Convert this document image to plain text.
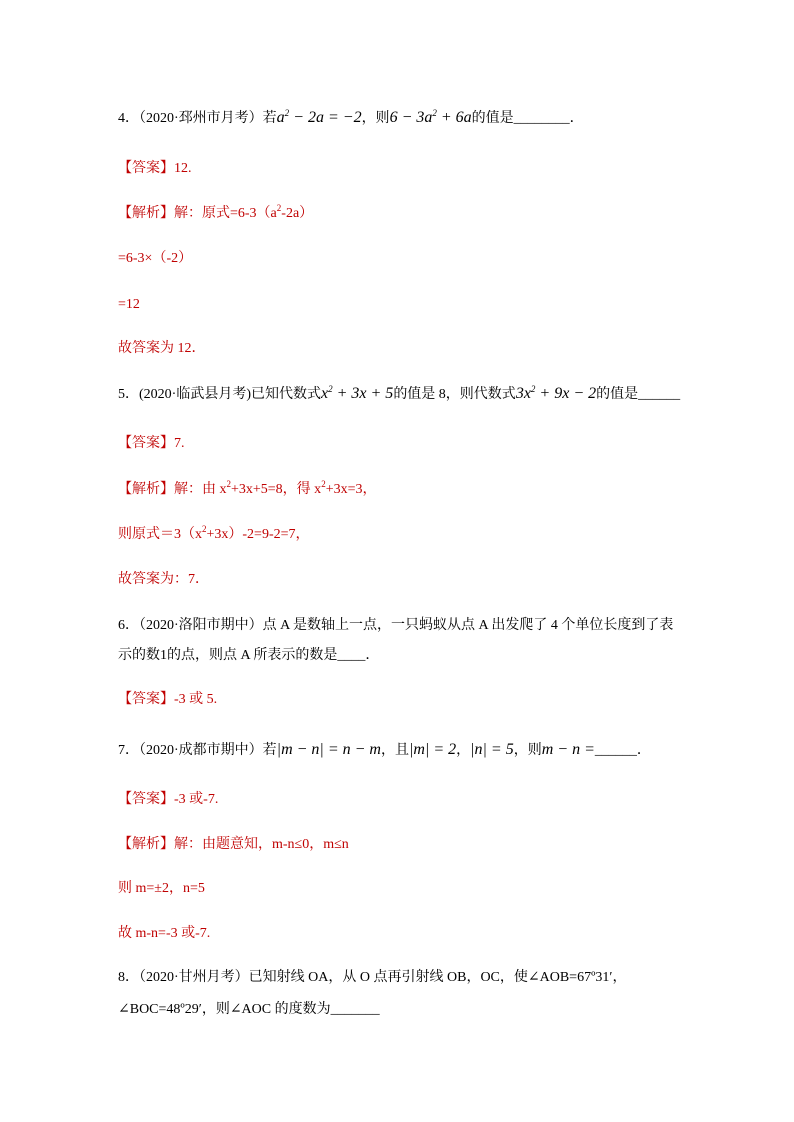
4．（2020·邳州市月考）若$a^2 - 2a = -2$，则$6 - 3a^2 + 6a$的值是________．
【答案】12.
【解析】解：原式$=6-3(a^2-2a)$
=6-3×（-2）
=12
故答案为 12．
5．(2020·临武县月考)已知代数式$x^2 + 3x + 5$的值是 8，则代数式$3x^2 + 9x - 2$的值是______
【答案】7.
【解析】解：由 $x^2+3x+5=8$，得 $x^2+3x=3$，
则原式$=3(x^2+3x)-2=9-2=7$，
故答案为：7．
6．（2020·洛阳市期中）点 A 是数轴上一点，一只蚂蚁从点 A 出发爬了 4 个单位长度到了表
示的数1的点，则点 A 所表示的数是____．
【答案】-3 或 5.
7．（2020·成都市期中）若|m − n| = n − m，且|m| = 2，|n| = 5，则m − n =______．
【答案】-3 或-7.
【解析】解：由题意知，m-n≤0，m≤n
则 m=±2，n=5
故 m-n=-3 或-7.
8．（2020·甘州月考）已知射线 OA，从 O 点再引射线 OB，OC，使∠AOB=67º31′，
∠BOC=48º29′，则∠AOC 的度数为_______
